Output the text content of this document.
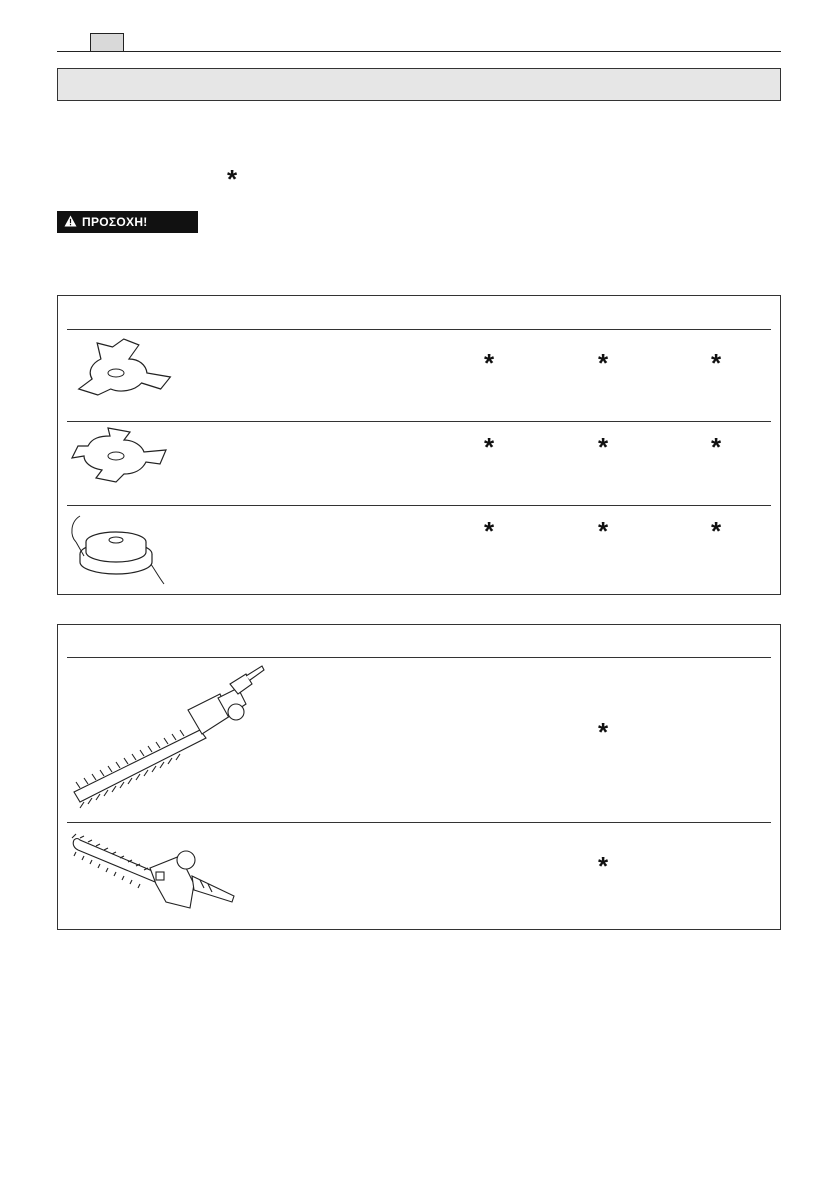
*
ΠΡΟΣΟΧΗ!
*	*	*
*	*	*
*	*	*
*
*
